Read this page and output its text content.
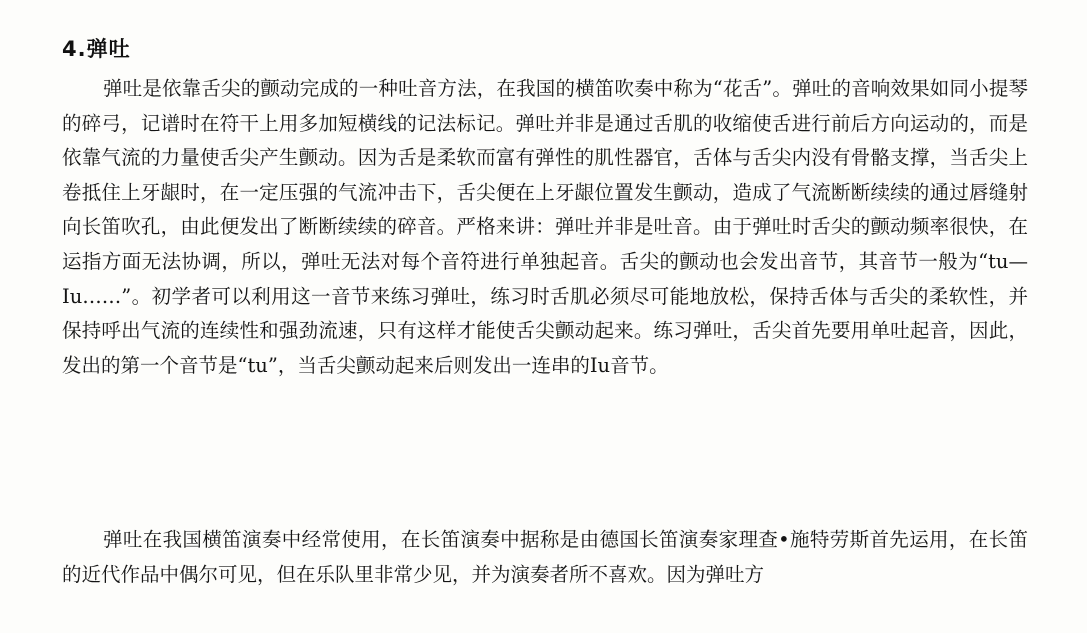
4.弹吐

弹吐是依靠舌尖的颤动完成的一种吐音方法，在我国的横笛吹奏中称为“花舌”。弹吐的音响效果如同小提琴的碎弓，记谱时在符干上用多加短横线的记法标记。弹吐并非是通过舌肌的收缩使舌进行前后方向运动的，而是依靠气流的力量使舌尖产生颤动。因为舌是柔软而富有弹性的肌性器官，舌体与舌尖内没有骨骼支撑，当舌尖上卷抵住上牙龈时，在一定压强的气流冲击下，舌尖便在上牙龈位置发生颤动，造成了气流断断续续的通过唇缝射向长笛吹孔，由此便发出了断断续续的碎音。严格来讲：弹吐并非是吐音。由于弹吐时舌尖的颤动频率很快，在运指方面无法协调，所以，弹吐无法对每个音符进行单独起音。舌尖的颤动也会发出音节，其音节一般为“tu—Iu……”。初学者可以利用这一音节来练习弹吐，练习时舌肌必须尽可能地放松，保持舌体与舌尖的柔软性，并保持呼出气流的连续性和强劲流速，只有这样才能使舌尖颤动起来。练习弹吐，舌尖首先要用单吐起音，因此，发出的第一个音节是“tu”，当舌尖颤动起来后则发出一连串的Iu音节。

弹吐在我国横笛演奏中经常使用，在长笛演奏中据称是由德国长笛演奏家理查•施特劳斯首先运用，在长笛的近代作品中偶尔可见，但在乐队里非常少见，并为演奏者所不喜欢。因为弹吐方
